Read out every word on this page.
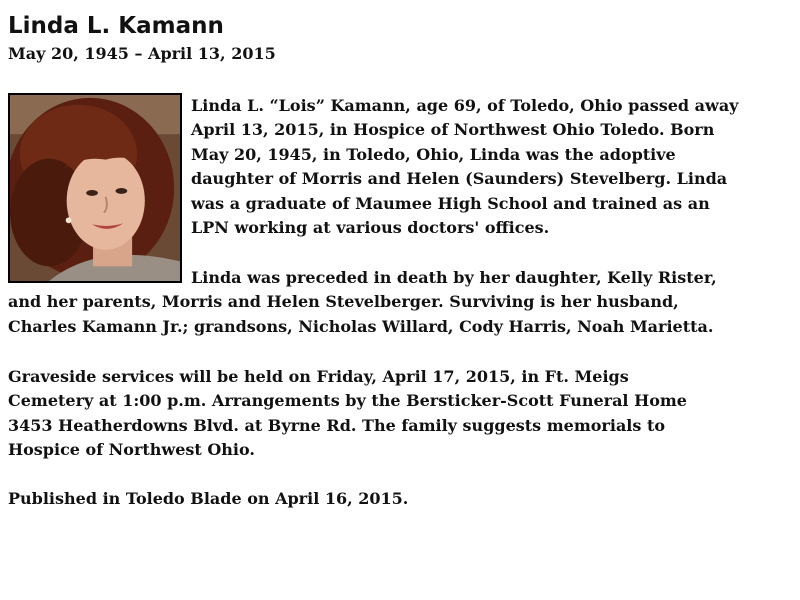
Linda L. Kamann
May 20, 1945 – April 13, 2015
Linda L. “Lois” Kamann, age 69, of Toledo, Ohio passed away
April 13, 2015, in Hospice of Northwest Ohio Toledo. Born
May 20, 1945, in Toledo, Ohio, Linda was the adoptive
daughter of Morris and Helen (Saunders) Stevelberg. Linda
was a graduate of Maumee High School and trained as an
LPN working at various doctors' offices.
Linda was preceded in death by her daughter, Kelly Rister,
and her parents, Morris and Helen Stevelberger. Surviving is her husband,
Charles Kamann Jr.; grandsons, Nicholas Willard, Cody Harris, Noah Marietta.
Graveside services will be held on Friday, April 17, 2015, in Ft. Meigs
Cemetery at 1:00 p.m. Arrangements by the Bersticker-Scott Funeral Home
3453 Heatherdowns Blvd. at Byrne Rd. The family suggests memorials to
Hospice of Northwest Ohio.
Published in Toledo Blade on April 16, 2015.
